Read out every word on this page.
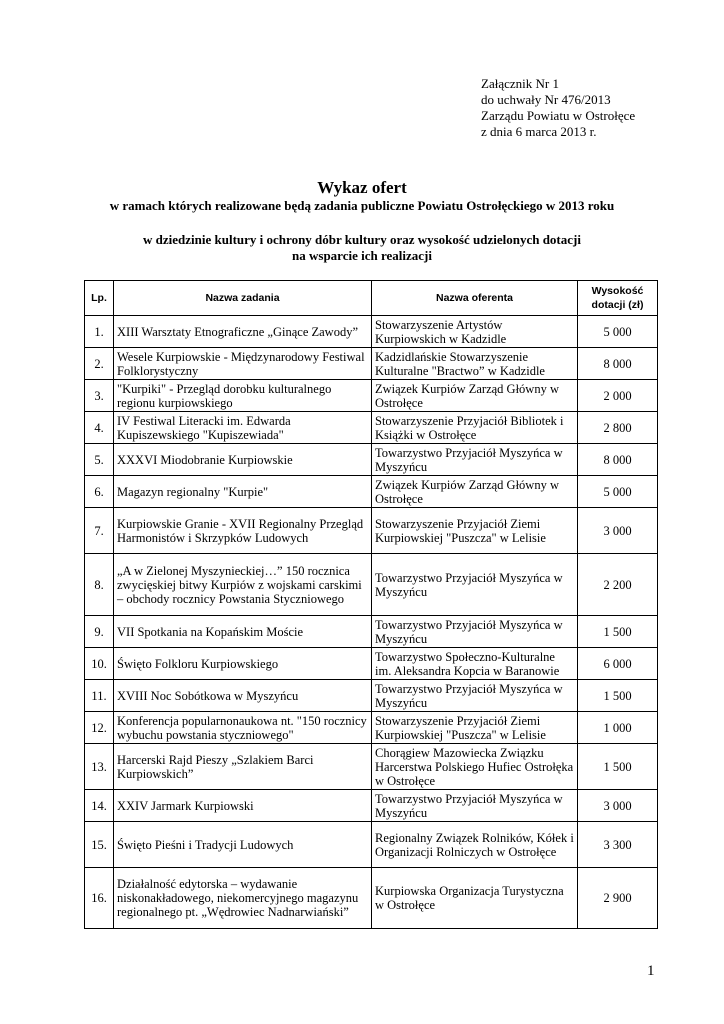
Załącznik Nr 1
do uchwały Nr 476/2013
Zarządu Powiatu w Ostrołęce
z dnia 6 marca 2013 r.
Wykaz ofert
w ramach których realizowane będą zadania publiczne Powiatu Ostrołęckiego w 2013 roku
w dziedzinie kultury i ochrony dóbr kultury oraz wysokość udzielonych dotacji
na wsparcie ich realizacji
Lp.	Nazwa zadania	Nazwa oferenta	Wysokość
dotacji (zł)
1.	XIII Warsztaty Etnograficzne „Ginące Zawody”	Stowarzyszenie Artystów Kurpiowskich w Kadzidle	5 000
2.	Wesele Kurpiowskie - Międzynarodowy Festiwal Folklorystyczny	Kadzidlańskie Stowarzyszenie Kulturalne "Bractwo” w Kadzidle	8 000
3.	"Kurpiki" - Przegląd dorobku kulturalnego regionu kurpiowskiego	Związek Kurpiów Zarząd Główny w Ostrołęce	2 000
4.	IV Festiwal Literacki im. Edwarda Kupiszewskiego "Kupiszewiada"	Stowarzyszenie Przyjaciół Bibliotek i Książki w Ostrołęce	2 800
5.	XXXVI Miodobranie Kurpiowskie	Towarzystwo Przyjaciół Myszyńca w Myszyńcu	8 000
6.	Magazyn regionalny "Kurpie"	Związek Kurpiów Zarząd Główny w Ostrołęce	5 000
7.	Kurpiowskie Granie - XVII Regionalny Przegląd Harmonistów i Skrzypków Ludowych	Stowarzyszenie Przyjaciół Ziemi Kurpiowskiej "Puszcza" w Lelisie	3 000
8.	„A w Zielonej Myszynieckiej…” 150 rocznica zwycięskiej bitwy Kurpiów z wojskami carskimi – obchody rocznicy Powstania Styczniowego	Towarzystwo Przyjaciół Myszyńca w Myszyńcu	2 200
9.	VII Spotkania na Kopańskim Moście	Towarzystwo Przyjaciół Myszyńca w Myszyńcu	1 500
10.	Święto Folkloru Kurpiowskiego	Towarzystwo Społeczno-Kulturalne im. Aleksandra Kopcia w Baranowie	6 000
11.	XVIII Noc Sobótkowa w Myszyńcu	Towarzystwo Przyjaciół Myszyńca w Myszyńcu	1 500
12.	Konferencja popularnonaukowa nt. "150 rocznicy wybuchu powstania styczniowego"	Stowarzyszenie Przyjaciół Ziemi Kurpiowskiej "Puszcza" w Lelisie	1 000
13.	Harcerski Rajd Pieszy „Szlakiem Barci Kurpiowskich”	Chorągiew Mazowiecka Związku Harcerstwa Polskiego Hufiec Ostrołęka w Ostrołęce	1 500
14.	XXIV Jarmark Kurpiowski	Towarzystwo Przyjaciół Myszyńca w Myszyńcu	3 000
15.	Święto Pieśni i Tradycji Ludowych	Regionalny Związek Rolników, Kółek i Organizacji Rolniczych w Ostrołęce	3 300
16.	Działalność edytorska – wydawanie niskonakładowego, niekomercyjnego magazynu regionalnego pt. „Wędrowiec Nadnarwiański”	Kurpiowska Organizacja Turystyczna w Ostrołęce	2 900
1
